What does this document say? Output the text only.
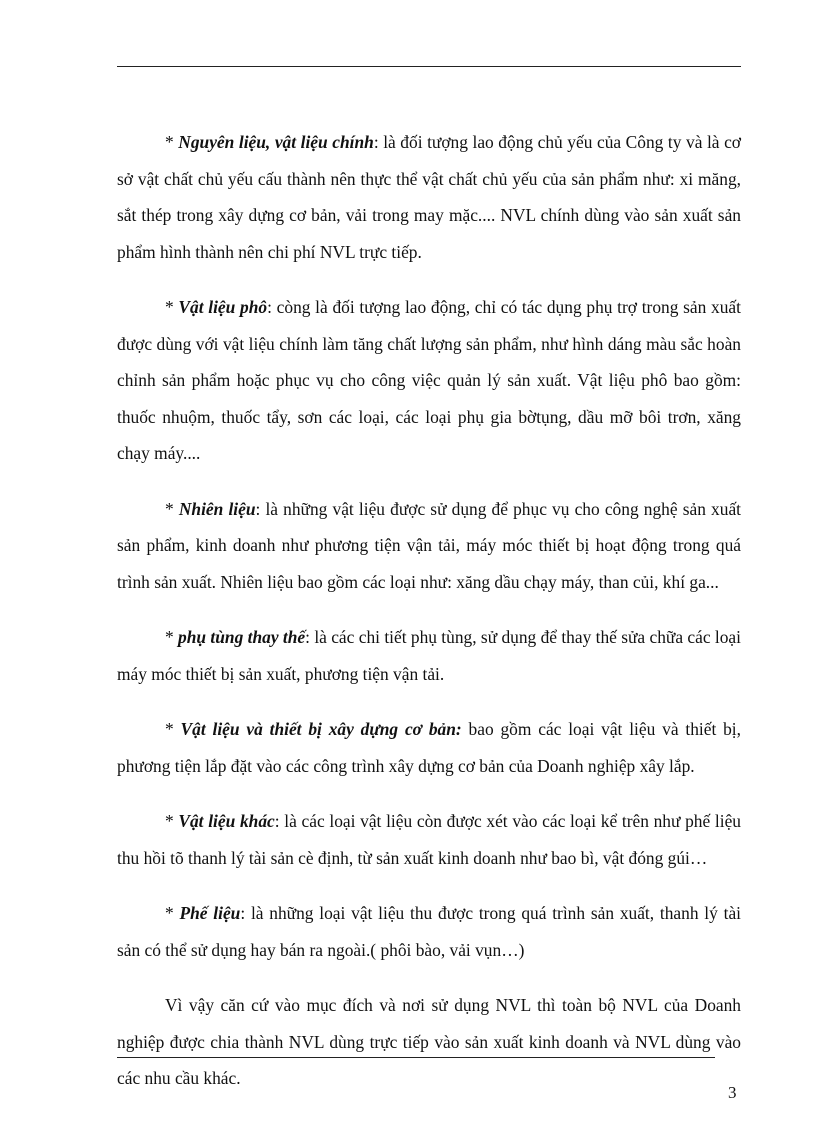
* Nguyên liệu, vật liệu chính: là đối tượng lao động chủ yếu của Công ty và là cơ sở vật chất chủ yếu cấu thành nên thực thể vật chất chủ yếu của sản phẩm như: xi măng, sắt thép trong xây dựng cơ bản, vải trong may mặc.... NVL chính dùng vào sản xuất sản phẩm hình thành nên chi phí NVL trực tiếp.

* Vật liệu phô: còng là đối tượng lao động, chỉ có tác dụng phụ trợ trong sản xuất được dùng với vật liệu chính làm tăng chất lượng sản phẩm, như hình dáng màu sắc hoàn chỉnh sản phẩm hoặc phục vụ cho công việc quản lý sản xuất. Vật liệu phô bao gồm: thuốc nhuộm, thuốc tẩy, sơn các loại, các loại phụ gia bờtụng, dầu mỡ bôi trơn, xăng chạy máy....

* Nhiên liệu: là những vật liệu được sử dụng để phục vụ cho công nghệ sản xuất sản phẩm, kinh doanh như phương tiện vận tải, máy móc thiết bị hoạt động trong quá trình sản xuất. Nhiên liệu bao gồm các loại như: xăng dầu chạy máy, than củi, khí ga...

* phụ tùng thay thế: là các chi tiết phụ tùng, sử dụng để thay thế sửa chữa các loại máy móc thiết bị sản xuất, phương tiện vận tải.

* Vật liệu và thiết bị xây dựng cơ bản: bao gồm các loại vật liệu và thiết bị, phương tiện lắp đặt vào các công trình xây dựng cơ bản của Doanh nghiệp xây lắp.

* Vật liệu khác: là các loại vật liệu còn được xét vào các loại kể trên như phế liệu thu hồi tõ thanh lý tài sản cè định, từ sản xuất kinh doanh như bao bì, vật đóng gúi…

* Phế liệu: là những loại vật liệu thu được trong quá trình sản xuất, thanh lý tài sản có thể sử dụng hay bán ra ngoài.( phôi bào, vải vụn…)

Vì vậy căn cứ vào mục đích và nơi sử dụng NVL thì toàn bộ NVL của Doanh nghiệp được chia thành NVL dùng trực tiếp vào sản xuất kinh doanh và NVL dùng vào các nhu cầu khác.

3
